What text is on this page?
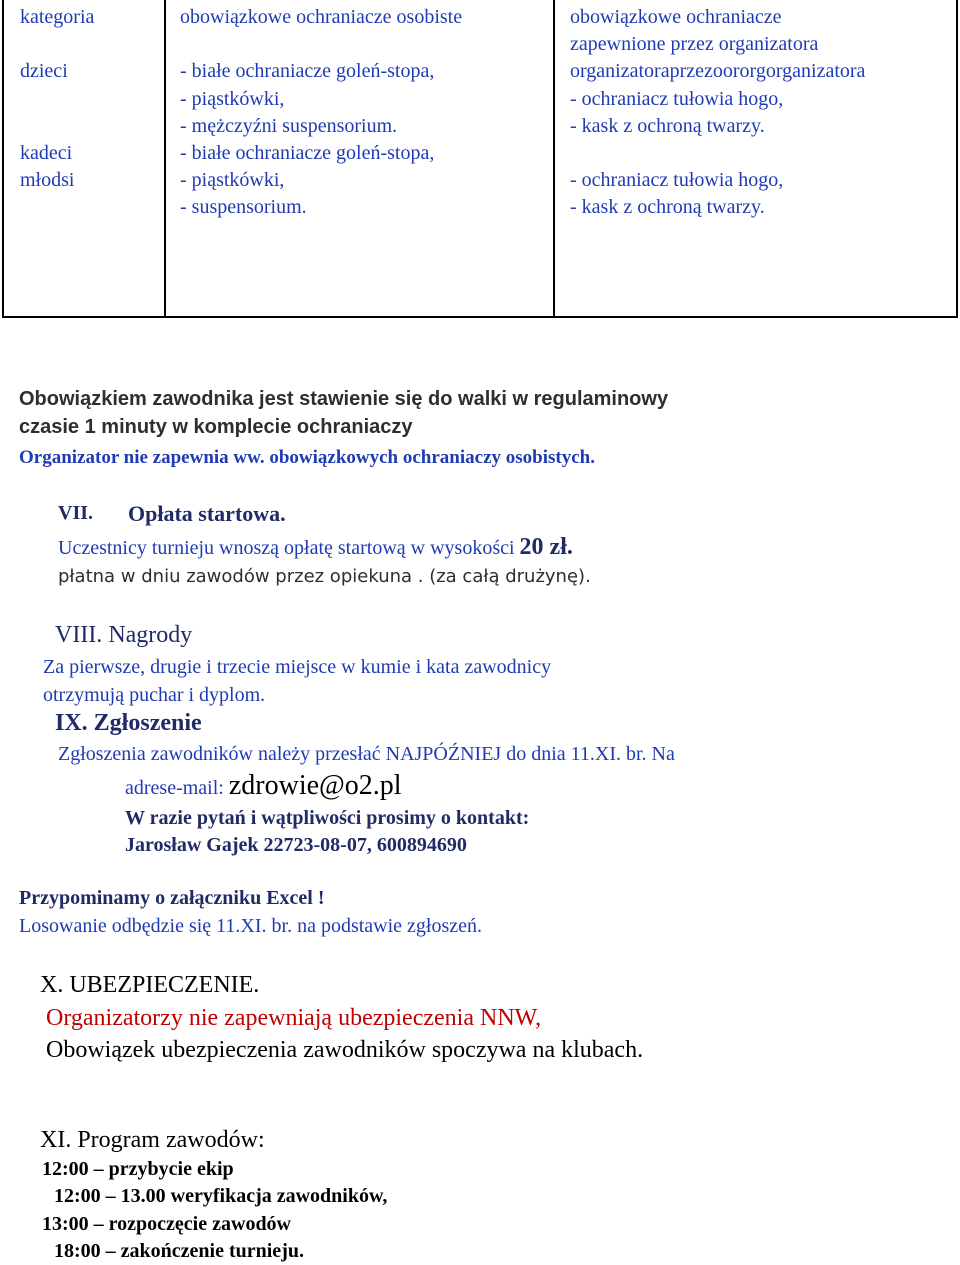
kategoria
dzieci
kadeci
młodsi
obowiązkowe ochraniacze osobiste
- białe ochraniacze goleń-stopa,
- piąstkówki,
- mężczyźni suspensorium.
- białe ochraniacze goleń-stopa,
- piąstkówki,
- suspensorium.
obowiązkowe ochraniacze
zapewnione przez organizatora
organizatoraprzezoororgorganizatora
- ochraniacz tułowia hogo,
- kask z ochroną twarzy.
- ochraniacz tułowia hogo,
- kask z ochroną twarzy.
Obowiązkiem zawodnika jest stawienie się do walki w regulaminowy
czasie 1 minuty w komplecie ochraniaczy
Organizator nie zapewnia ww. obowiązkowych ochraniaczy osobistych.
VII. Opłata startowa.
Uczestnicy turnieju wnoszą opłatę startową w wysokości 20 zł.
płatna w dniu zawodów przez opiekuna . (za całą drużynę).
VIII. Nagrody
Za pierwsze, drugie i trzecie miejsce w kumie i kata zawodnicy
otrzymują puchar i dyplom.
IX. Zgłoszenie
Zgłoszenia zawodników należy przesłać NAJPÓŹNIEJ do dnia 11.XI. br. Na
adrese-mail: zdrowie@o2.pl
W razie pytań i wątpliwości prosimy o kontakt:
Jarosław Gajek 22723-08-07, 600894690
Przypominamy o załączniku Excel !
Losowanie odbędzie się 11.XI. br. na podstawie zgłoszeń.
X. UBEZPIECZENIE.
Organizatorzy nie zapewniają ubezpieczenia NNW,
Obowiązek ubezpieczenia zawodników spoczywa na klubach.
XI. Program zawodów:
12:00 – przybycie ekip
12:00 – 13.00 weryfikacja zawodników,
13:00 – rozpoczęcie zawodów
18:00 – zakończenie turnieju.
